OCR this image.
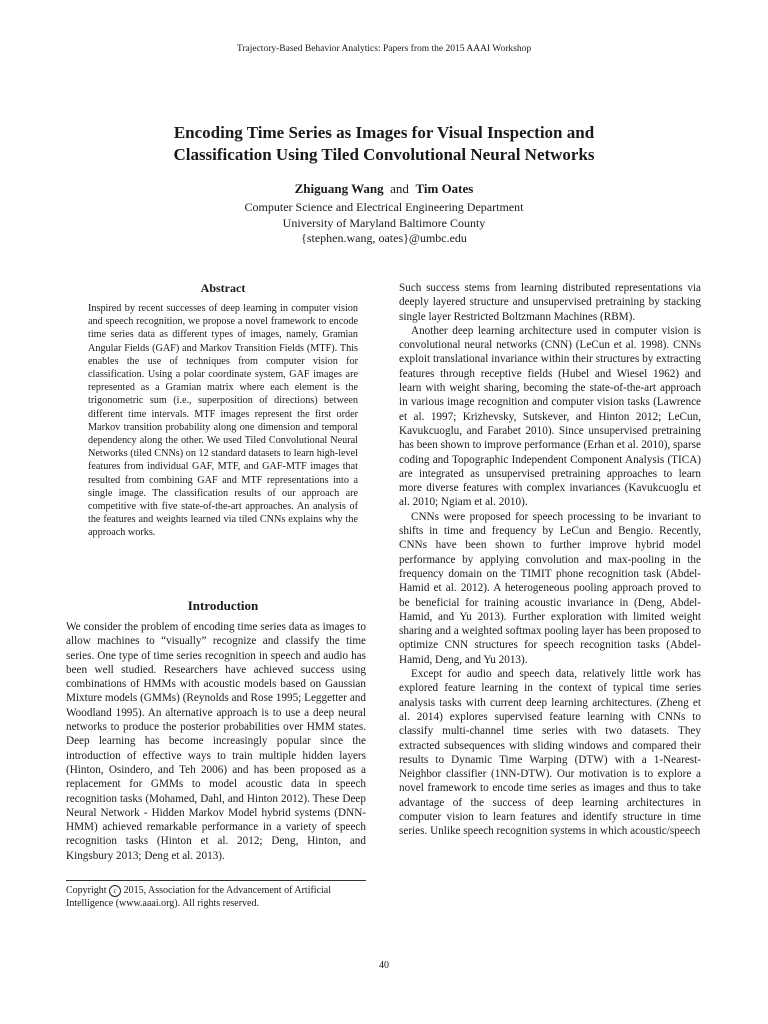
Trajectory-Based Behavior Analytics: Papers from the 2015 AAAI Workshop
Encoding Time Series as Images for Visual Inspection and
Classification Using Tiled Convolutional Neural Networks
Zhiguang Wang and Tim Oates
Computer Science and Electrical Engineering Department
University of Maryland Baltimore County
{stephen.wang, oates}@umbc.edu
Abstract
Inspired by recent successes of deep learning in computer vision and speech recognition, we propose a novel framework to encode time series data as different types of images, namely, Gramian Angular Fields (GAF) and Markov Transition Fields (MTF). This enables the use of techniques from computer vision for classification. Using a polar coordinate system, GAF images are represented as a Gramian matrix where each element is the trigonometric sum (i.e., superposition of directions) between different time intervals. MTF images represent the first order Markov transition probability along one dimension and temporal dependency along the other. We used Tiled Convolutional Neural Networks (tiled CNNs) on 12 standard datasets to learn high-level features from individual GAF, MTF, and GAF-MTF images that resulted from combining GAF and MTF representations into a single image. The classification results of our approach are competitive with five state-of-the-art approaches. An analysis of the features and weights learned via tiled CNNs explains why the approach works.
Introduction

We consider the problem of encoding time series data as images to allow machines to “visually” recognize and classify the time series. One type of time series recognition in speech and audio has been well studied. Researchers have achieved success using combinations of HMMs with acoustic models based on Gaussian Mixture models (GMMs) (Reynolds and Rose 1995; Leggetter and Woodland 1995). An alternative approach is to use a deep neural networks to produce the posterior probabilities over HMM states. Deep learning has become increasingly popular since the introduction of effective ways to train multiple hidden layers (Hinton, Osindero, and Teh 2006) and has been proposed as a replacement for GMMs to model acoustic data in speech recognition tasks (Mohamed, Dahl, and Hinton 2012). These Deep Neural Network - Hidden Markov Model hybrid systems (DNN-HMM) achieved remarkable performance in a variety of speech recognition tasks (Hinton et al. 2012; Deng, Hinton, and Kingsbury 2013; Deng et al. 2013).

Copyright c 2015, Association for the Advancement of Artificial Intelligence (www.aaai.org). All rights reserved.

Such success stems from learning distributed representations via deeply layered structure and unsupervised pretraining by stacking single layer Restricted Boltzmann Machines (RBM).

Another deep learning architecture used in computer vision is convolutional neural networks (CNN) (LeCun et al. 1998). CNNs exploit translational invariance within their structures by extracting features through receptive fields (Hubel and Wiesel 1962) and learn with weight sharing, becoming the state-of-the-art approach in various image recognition and computer vision tasks (Lawrence et al. 1997; Krizhevsky, Sutskever, and Hinton 2012; LeCun, Kavukcuoglu, and Farabet 2010). Since unsupervised pretraining has been shown to improve performance (Erhan et al. 2010), sparse coding and Topographic Independent Component Analysis (TICA) are integrated as unsupervised pretraining approaches to learn more diverse features with complex invariances (Kavukcuoglu et al. 2010; Ngiam et al. 2010).

CNNs were proposed for speech processing to be invariant to shifts in time and frequency by LeCun and Bengio. Recently, CNNs have been shown to further improve hybrid model performance by applying convolution and max-pooling in the frequency domain on the TIMIT phone recognition task (Abdel-Hamid et al. 2012). A heterogeneous pooling approach proved to be beneficial for training acoustic invariance in (Deng, Abdel-Hamid, and Yu 2013). Further exploration with limited weight sharing and a weighted softmax pooling layer has been proposed to optimize CNN structures for speech recognition tasks (Abdel-Hamid, Deng, and Yu 2013).

Except for audio and speech data, relatively little work has explored feature learning in the context of typical time series analysis tasks with current deep learning architectures. (Zheng et al. 2014) explores supervised feature learning with CNNs to classify multi-channel time series with two datasets. They extracted subsequences with sliding windows and compared their results to Dynamic Time Warping (DTW) with a 1-Nearest-Neighbor classifier (1NN-DTW). Our motivation is to explore a novel framework to encode time series as images and thus to take advantage of the success of deep learning architectures in computer vision to learn features and identify structure in time series. Unlike speech recognition systems in which acoustic/speech

40
